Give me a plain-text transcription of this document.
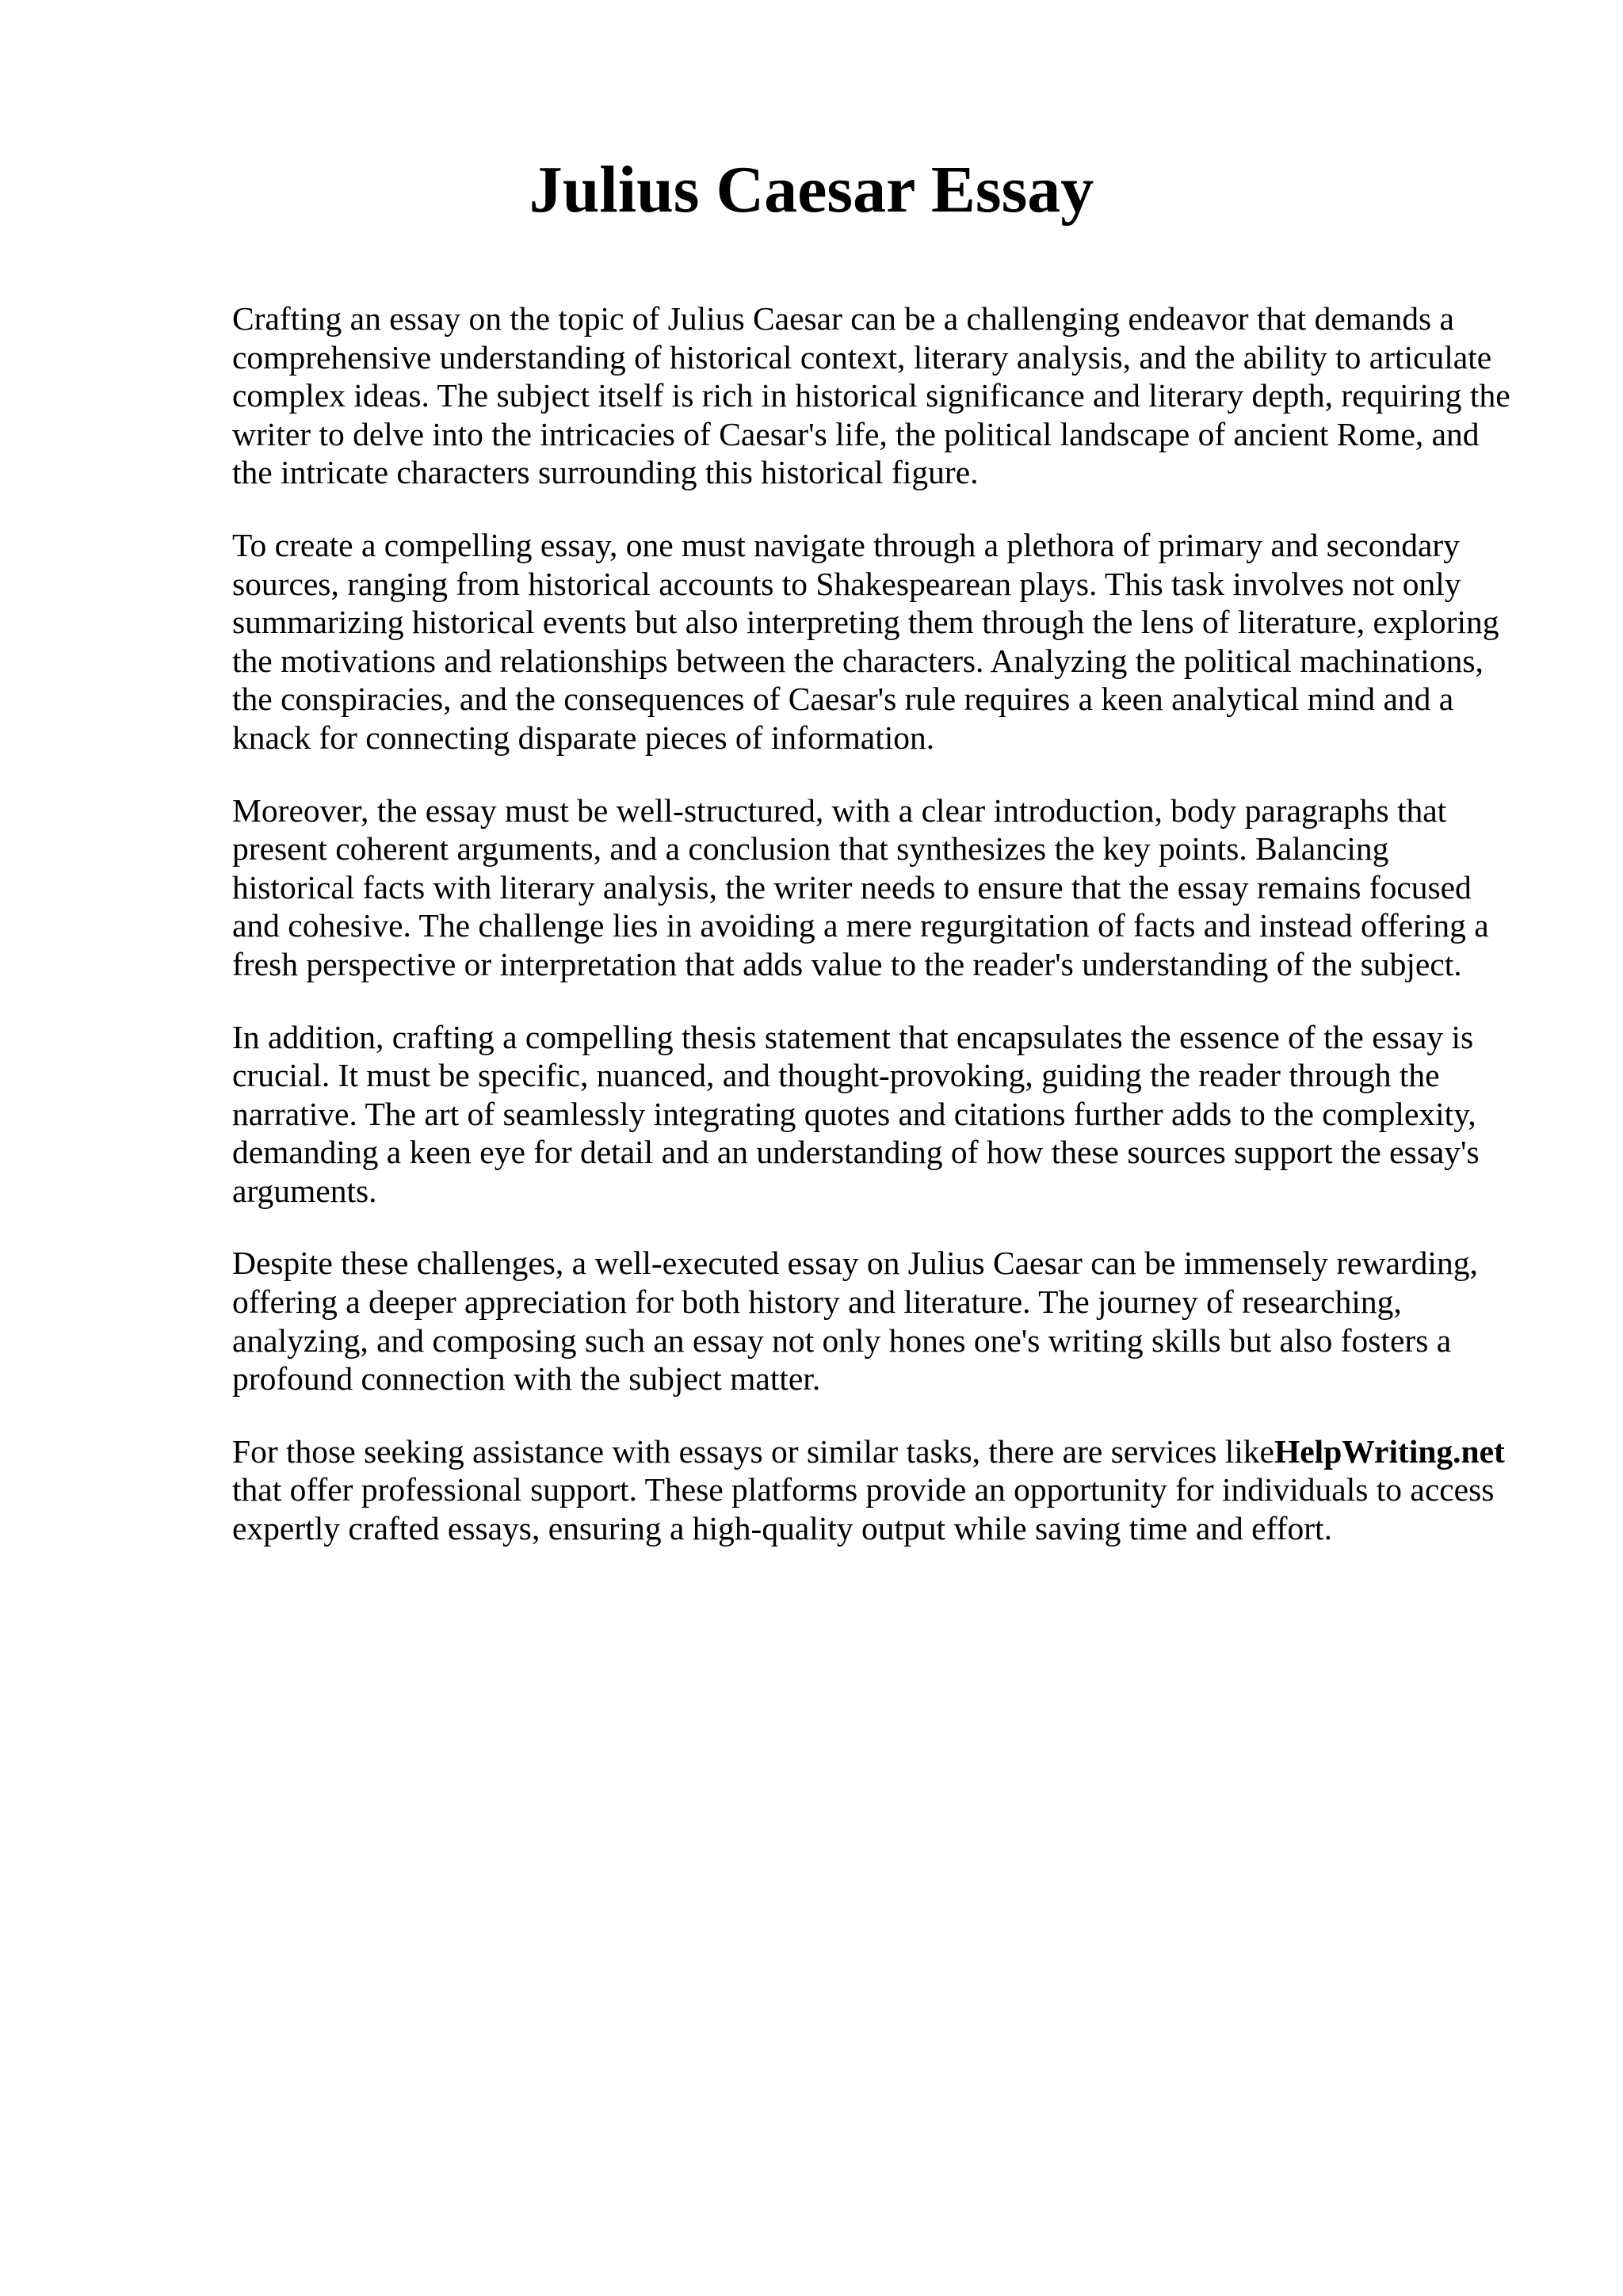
Julius Caesar Essay

Crafting an essay on the topic of Julius Caesar can be a challenging endeavor that demands a
comprehensive understanding of historical context, literary analysis, and the ability to articulate
complex ideas. The subject itself is rich in historical significance and literary depth, requiring the
writer to delve into the intricacies of Caesar's life, the political landscape of ancient Rome, and
the intricate characters surrounding this historical figure.

To create a compelling essay, one must navigate through a plethora of primary and secondary
sources, ranging from historical accounts to Shakespearean plays. This task involves not only
summarizing historical events but also interpreting them through the lens of literature, exploring
the motivations and relationships between the characters. Analyzing the political machinations,
the conspiracies, and the consequences of Caesar's rule requires a keen analytical mind and a
knack for connecting disparate pieces of information.

Moreover, the essay must be well-structured, with a clear introduction, body paragraphs that
present coherent arguments, and a conclusion that synthesizes the key points. Balancing
historical facts with literary analysis, the writer needs to ensure that the essay remains focused
and cohesive. The challenge lies in avoiding a mere regurgitation of facts and instead offering a
fresh perspective or interpretation that adds value to the reader's understanding of the subject.

In addition, crafting a compelling thesis statement that encapsulates the essence of the essay is
crucial. It must be specific, nuanced, and thought-provoking, guiding the reader through the
narrative. The art of seamlessly integrating quotes and citations further adds to the complexity,
demanding a keen eye for detail and an understanding of how these sources support the essay's
arguments.

Despite these challenges, a well-executed essay on Julius Caesar can be immensely rewarding,
offering a deeper appreciation for both history and literature. The journey of researching,
analyzing, and composing such an essay not only hones one's writing skills but also fosters a
profound connection with the subject matter.

For those seeking assistance with essays or similar tasks, there are services likeHelpWriting.net
that offer professional support. These platforms provide an opportunity for individuals to access
expertly crafted essays, ensuring a high-quality output while saving time and effort.
